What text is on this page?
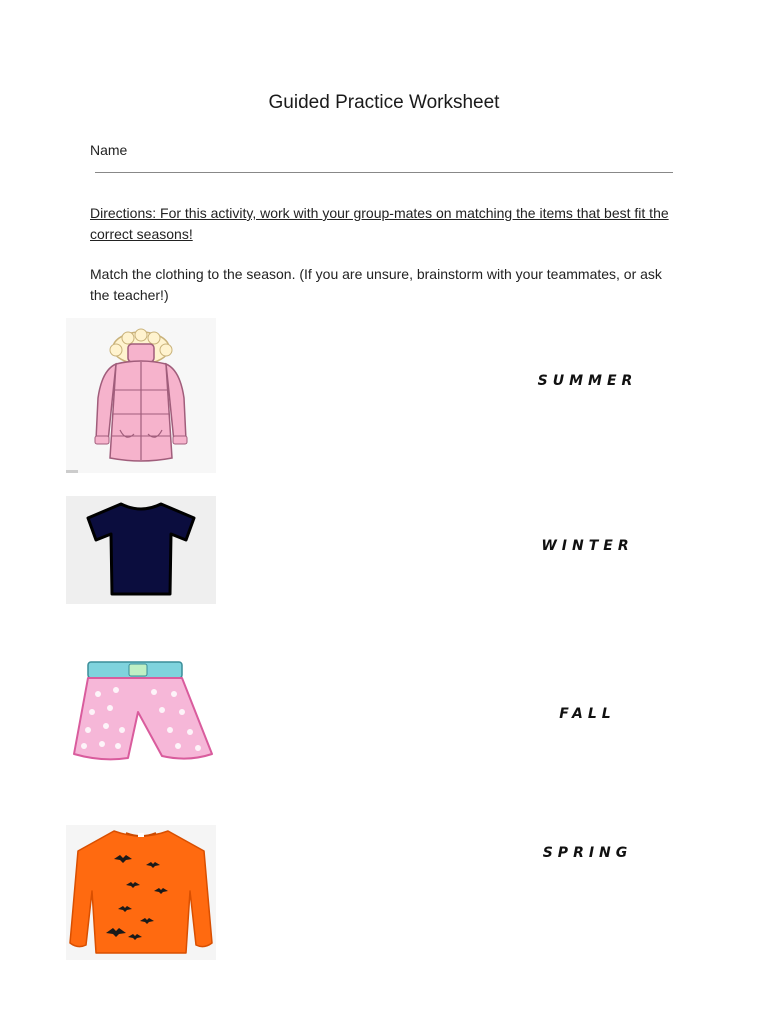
Guided Practice Worksheet
Name
Directions: For this activity, work with your group-mates on matching the items that best fit the correct seasons!
Match the clothing to the season. (If you are unsure, brainstorm with your teammates, or ask the teacher!)
SUMMER
WINTER
FALL
SPRING
